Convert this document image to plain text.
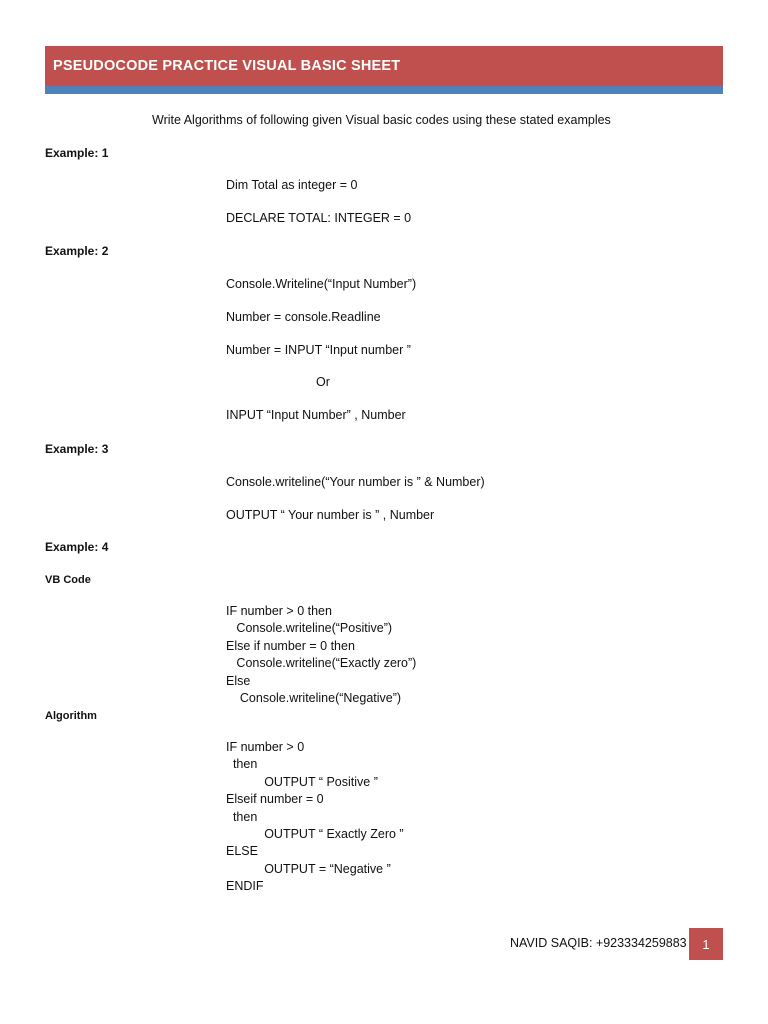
PSEUDOCODE PRACTICE VISUAL BASIC SHEET
Write Algorithms of following given Visual basic codes using these stated examples
Example: 1
Dim Total as integer = 0
DECLARE TOTAL: INTEGER = 0
Example: 2
Console.Writeline(“Input Number”)
Number = console.Readline
Number = INPUT “Input number ”
Or
INPUT “Input Number” , Number
Example: 3
Console.writeline(“Your number is ” & Number)
OUTPUT “ Your number is ” , Number
Example: 4
VB Code
IF number > 0 then
Console.writeline(“Positive”)
Else if number = 0 then
Console.writeline(“Exactly zero”)
Else
Console.writeline(“Negative”)
Algorithm
IF number > 0
then
OUTPUT “ Positive ”
Elseif number = 0
then
OUTPUT “ Exactly Zero ”
ELSE
OUTPUT = “Negative ”
ENDIF
NAVID SAQIB: +923334259883	1
